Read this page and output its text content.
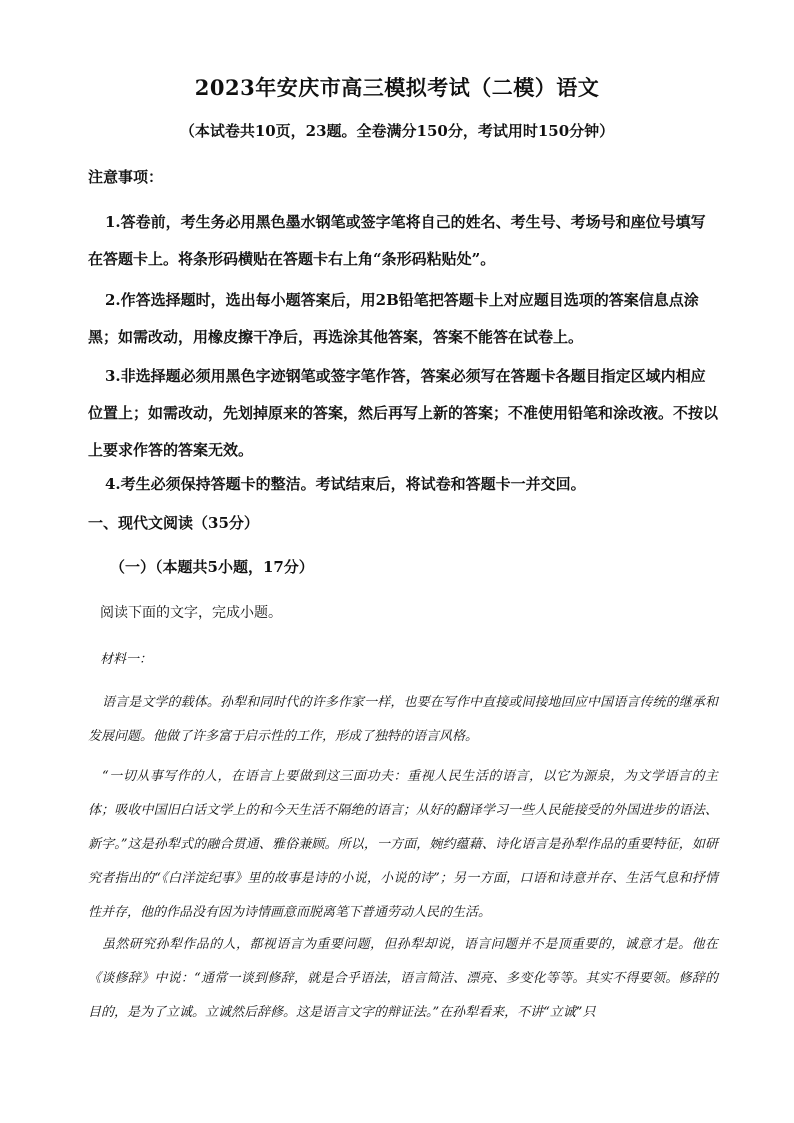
2023年安庆市高三模拟考试（二模）语文
（本试卷共10页，23题。全卷满分150分，考试用时150分钟）
注意事项：
1.答卷前，考生务必用黑色墨水钢笔或签字笔将自己的姓名、考生号、考场号和座位号填写在答题卡上。将条形码横贴在答题卡右上角“条形码粘贴处”。
2.作答选择题时，选出每小题答案后，用2B铅笔把答题卡上对应题目选项的答案信息点涂黑；如需改动，用橡皮擦干净后，再选涂其他答案，答案不能答在试卷上。
3.非选择题必须用黑色字迹钢笔或签字笔作答，答案必须写在答题卡各题目指定区域内相应位置上；如需改动，先划掉原来的答案，然后再写上新的答案；不准使用铅笔和涂改液。不按以上要求作答的答案无效。
4.考生必须保持答题卡的整洁。考试结束后，将试卷和答题卡一并交回。
一、现代文阅读（35分）
（一）（本题共5小题，17分）
阅读下面的文字，完成小题。
材料一：
语言是文学的载体。孙犁和同时代的许多作家一样，也要在写作中直接或间接地回应中国语言传统的继承和发展问题。他做了许多富于启示性的工作，形成了独特的语言风格。
“一切从事写作的人，在语言上要做到这三面功夫：重视人民生活的语言，以它为源泉，为文学语言的主体；吸收中国旧白话文学上的和今天生活不隔绝的语言；从好的翻译学习一些人民能接受的外国进步的语法、新字。”这是孙犁式的融合贯通、雅俗兼顾。所以，一方面，婉约蕴藉、诗化语言是孙犁作品的重要特征，如研究者指出的“《白洋淀纪事》里的故事是诗的小说，小说的诗”；另一方面，口语和诗意并存、生活气息和抒情性并存，他的作品没有因为诗情画意而脱离笔下普通劳动人民的生活。
虽然研究孙犁作品的人，都视语言为重要问题，但孙犁却说，语言问题并不是顶重要的，诚意才是。他在《谈修辞》中说：“通常一谈到修辞，就是合乎语法，语言简洁、漂亮、多变化等等。其实不得要领。修辞的目的，是为了立诚。立诚然后辞修。这是语言文字的辩证法。”在孙犁看来，不讲“立诚”只
